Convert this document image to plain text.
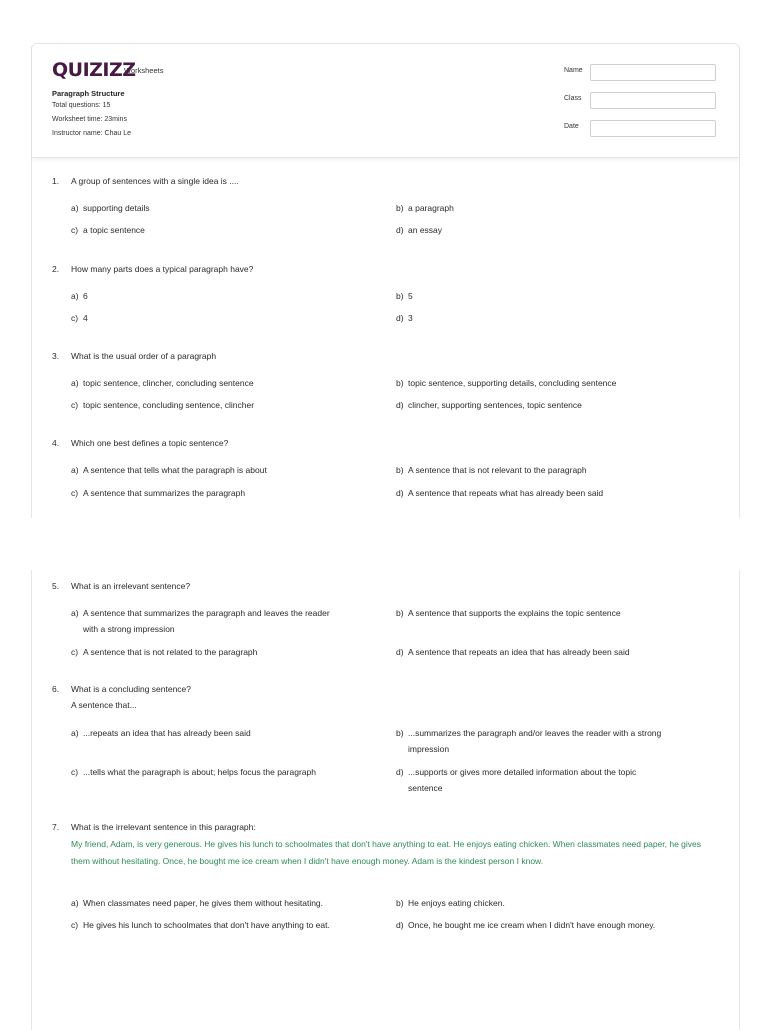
QUIZIZZ
Worksheets
Paragraph Structure
Total questions: 15
Worksheet time: 23mins
Instructor name: Chau Le
Name
Class
Date
1.	A group of sentences with a single idea is ....
a) supporting details	b) a paragraph
c) a topic sentence	d) an essay
2.	How many parts does a typical paragraph have?
a) 6	b) 5
c) 4	d) 3
3.	What is the usual order of a paragraph
a) topic sentence, clincher, concluding sentence	b) topic sentence, supporting details, concluding sentence
c) topic sentence, concluding sentence, clincher	d) clincher, supporting sentences, topic sentence
4.	Which one best defines a topic sentence?
a) A sentence that tells what the paragraph is about	b) A sentence that is not relevant to the paragraph
c) A sentence that summarizes the paragraph	d) A sentence that repeats what has already been said
5.	What is an irrelevant sentence?
a) A sentence that summarizes the paragraph and leaves the reader
with a strong impression
b) A sentence that supports the explains the topic sentence
c) A sentence that is not related to the paragraph	d) A sentence that repeats an idea that has already been said
6.	What is a concluding sentence?
A sentence that...
a) ...repeats an idea that has already been said	b) ...summarizes the paragraph and/or leaves the reader with a strong
impression
c) ...tells what the paragraph is about; helps focus the paragraph	d) ...supports or gives more detailed information about the topic
sentence
7.	What is the irrelevant sentence in this paragraph:
My friend, Adam, is very generous. He gives his lunch to schoolmates that don't have anything to eat. He enjoys eating chicken. When classmates need paper, he gives them without hesitating. Once, he bought me ice cream when I didn't have enough money. Adam is the kindest person I know.
a) When classmates need paper, he gives them without hesitating.	b) He enjoys eating chicken.
c) He gives his lunch to schoolmates that don't have anything to eat.	d) Once, he bought me ice cream when I didn't have enough money.
